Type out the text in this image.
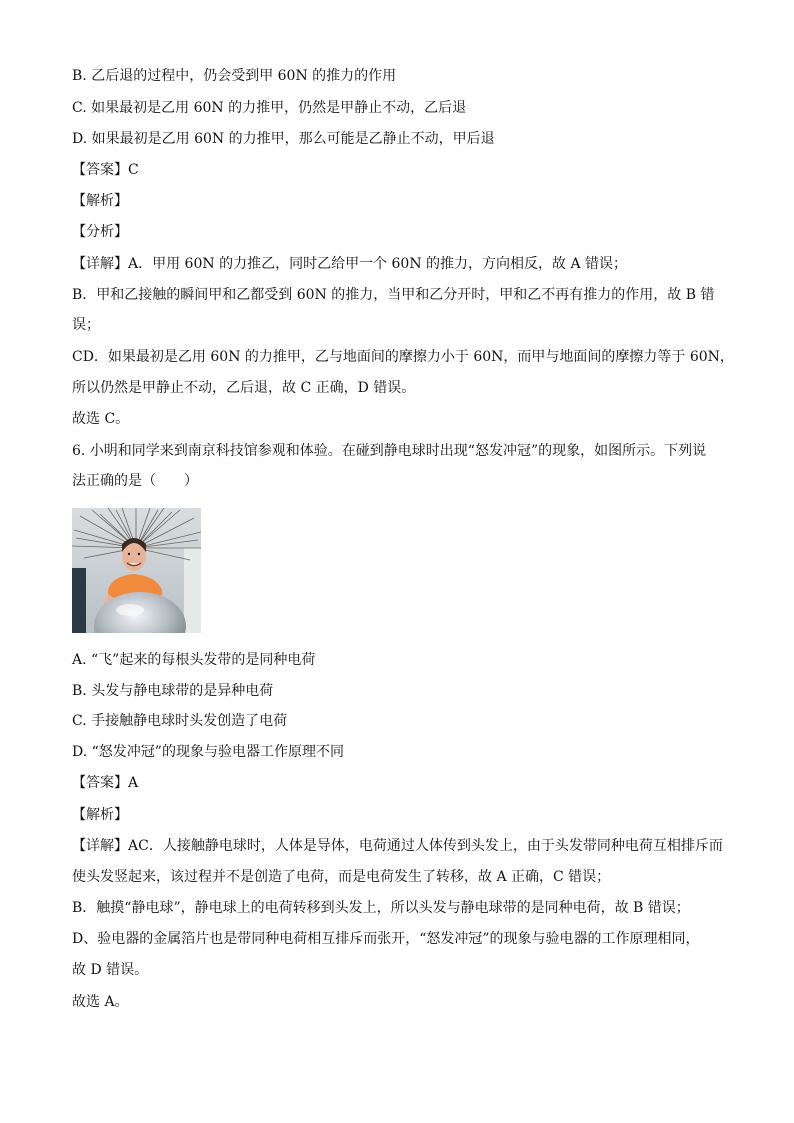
B. 乙后退的过程中，仍会受到甲 60N 的推力的作用

C. 如果最初是乙用 60N 的力推甲，仍然是甲静止不动，乙后退

D. 如果最初是乙用 60N 的力推甲，那么可能是乙静止不动，甲后退

【答案】C

【解析】

【分析】

【详解】A．甲用 60N 的力推乙，同时乙给甲一个 60N 的推力，方向相反，故 A 错误；

B．甲和乙接触的瞬间甲和乙都受到 60N 的推力，当甲和乙分开时，甲和乙不再有推力的作用，故 B 错

误；

CD．如果最初是乙用 60N 的力推甲，乙与地面间的摩擦力小于 60N，而甲与地面间的摩擦力等于 60N，

所以仍然是甲静止不动，乙后退，故 C 正确，D 错误。

故选 C。

6. 小明和同学来到南京科技馆参观和体验。在碰到静电球时出现“怒发冲冠”的现象，如图所示。下列说

法正确的是（　　）

A. “飞”起来的每根头发带的是同种电荷

B. 头发与静电球带的是异种电荷

C. 手接触静电球时头发创造了电荷

D. “怒发冲冠”的现象与验电器工作原理不同

【答案】A

【解析】

【详解】AC．人接触静电球时，人体是导体，电荷通过人体传到头发上，由于头发带同种电荷互相排斥而

使头发竖起来，该过程并不是创造了电荷，而是电荷发生了转移，故 A 正确，C 错误；

B．触摸“静电球”，静电球上的电荷转移到头发上，所以头发与静电球带的是同种电荷，故 B 错误；

D、验电器的金属箔片也是带同种电荷相互排斥而张开，“怒发冲冠”的现象与验电器的工作原理相同，

故 D 错误。

故选 A。
